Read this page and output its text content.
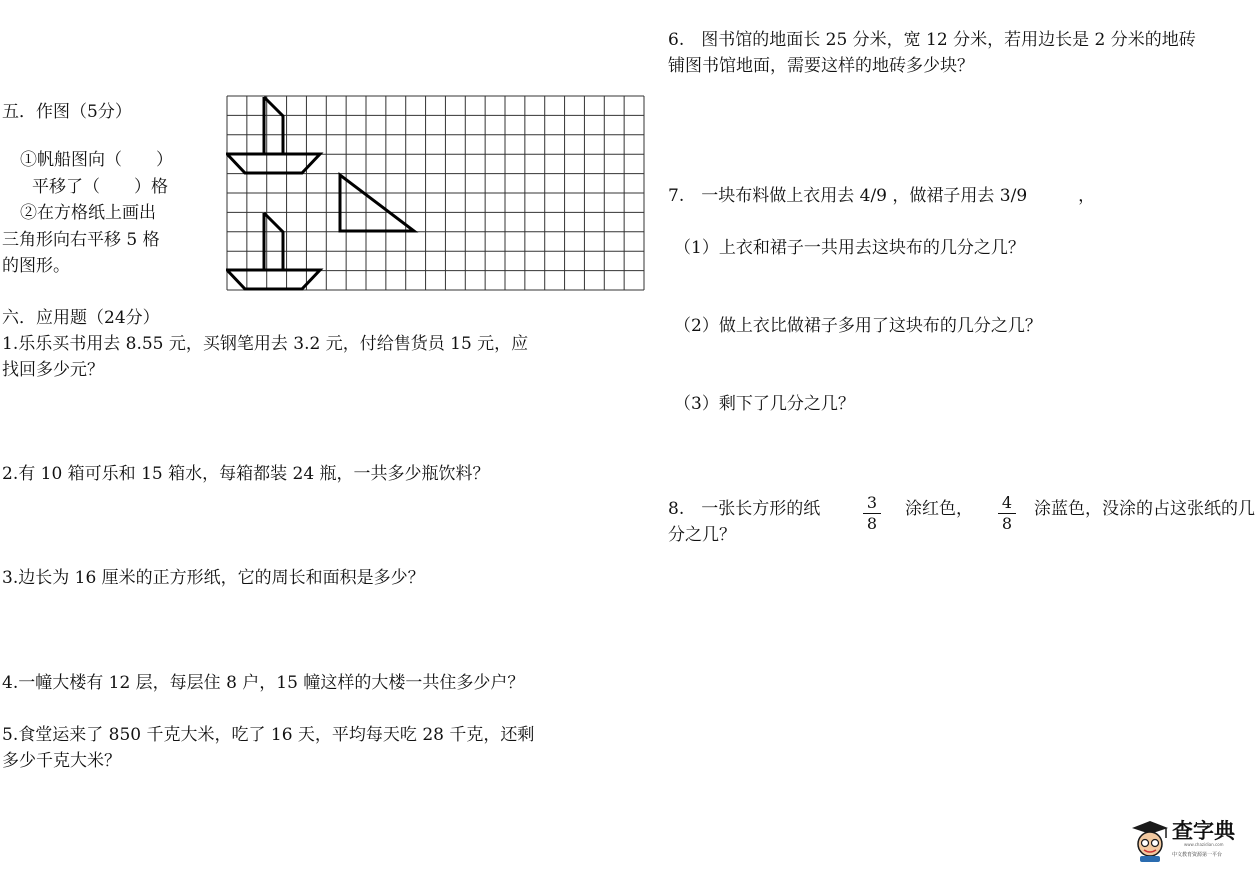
五．作图（5分）
①帆船图向（　　）
平移了（　　）格
②在方格纸上画出
三角形向右平移 5 格
的图形。
六．应用题（24分）
1.乐乐买书用去 8.55 元，买钢笔用去 3.2 元，付给售货员 15 元，应
找回多少元？
2.有 10 箱可乐和 15 箱水，每箱都装 24 瓶，一共多少瓶饮料？
3.边长为 16 厘米的正方形纸，它的周长和面积是多少？
4.一幢大楼有 12 层，每层住 8 户，15 幢这样的大楼一共住多少户？
5.食堂运来了 850 千克大米，吃了 16 天，平均每天吃 28 千克，还剩
多少千克大米？
6.　图书馆的地面长 25 分米，宽 12 分米，若用边长是 2 分米的地砖
铺图书馆地面，需要这样的地砖多少块？
7.　一块布料做上衣用去 4/9 ，做裙子用去 3/9　　　，
（1）上衣和裙子一共用去这块布的几分之几？
（2）做上衣比做裙子多用了这块布的几分之几？
（3）剩下了几分之几？
8.　一张长方形的纸	$\frac{3}{8}$ 涂红色， $\frac{4}{8}$ 涂蓝色，没涂的占这张纸的几
分之几？
查字典
www.chazidian.com
中文教育资源第一平台
